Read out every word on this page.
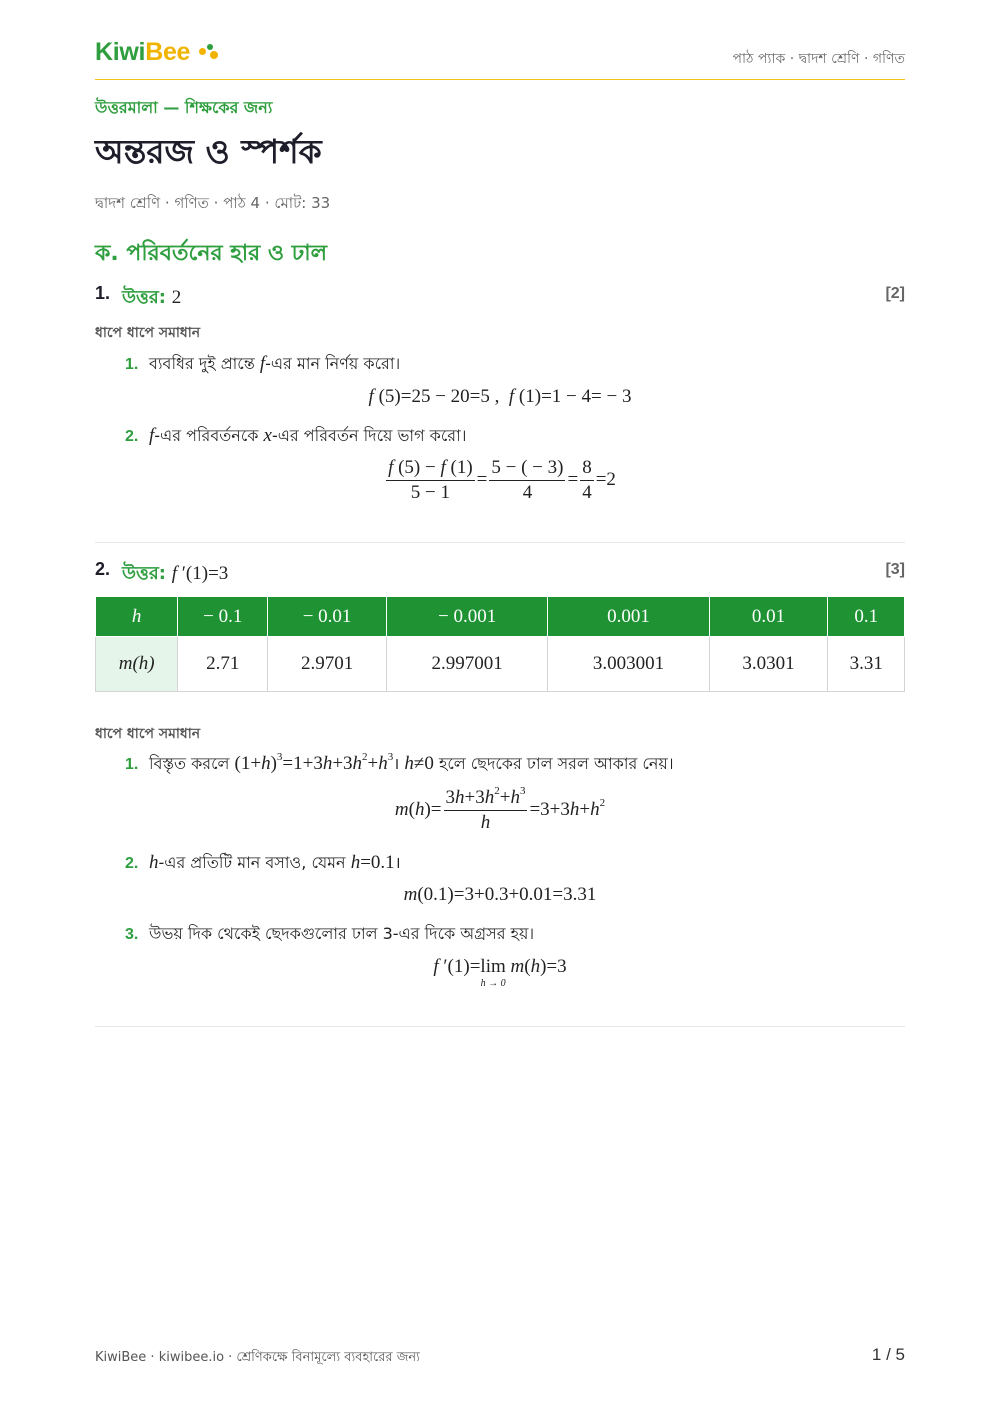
KiwiBee	পাঠ প্যাক · দ্বাদশ শ্রেণি · গণিত
উত্তরমালা — শিক্ষকের জন্য
অন্তরজ ও স্পর্শক
দ্বাদশ শ্রেণি · গণিত · পাঠ 4 · মোট: 33
ক. পরিবর্তনের হার ও ঢাল
1. উত্তর: 2	[2]
ধাপে ধাপে সমাধান
1. ব্যবধির দুই প্রান্তে f-এর মান নির্ণয় করো।
f (5)=25 − 20=5 , f (1)=1 − 4= − 3
2. f-এর পরিবর্তনকে x-এর পরিবর্তন দিয়ে ভাগ করো।
$\frac{f (5) - f (1)}{5 - 1} = \frac{5 - ( - 3)}{4} = \frac{8}{4} =2$
2. উত্তর: f ′(1)=3	[3]
h	− 0.1	− 0.01	− 0.001	0.001	0.01	0.1
m(h)	2.71	2.9701	2.997001	3.003001	3.0301	3.31
ধাপে ধাপে সমাধান
1. বিস্তৃত করলে $(1+h)^3=1+3h+3h^2+h^3।$ h≠0 হলে ছেদকের ঢাল সরল আকার নেয়।
$m(h)= \frac{3h+3h^2+h^3}{h} =3+3h+h^2$
2. h-এর প্রতিটি মান বসাও, যেমন h=0.1।
m(0.1)=3+0.3+0.01=3.31
3. উভয় দিক থেকেই ছেদকগুলোর ঢাল 3-এর দিকে অগ্রসর হয়।
f ′(1)=lim
h → 0
m(h)=3
KiwiBee · kiwibee.io · শ্রেণিকক্ষে বিনামূল্যে ব্যবহারের জন্য	1 / 5
